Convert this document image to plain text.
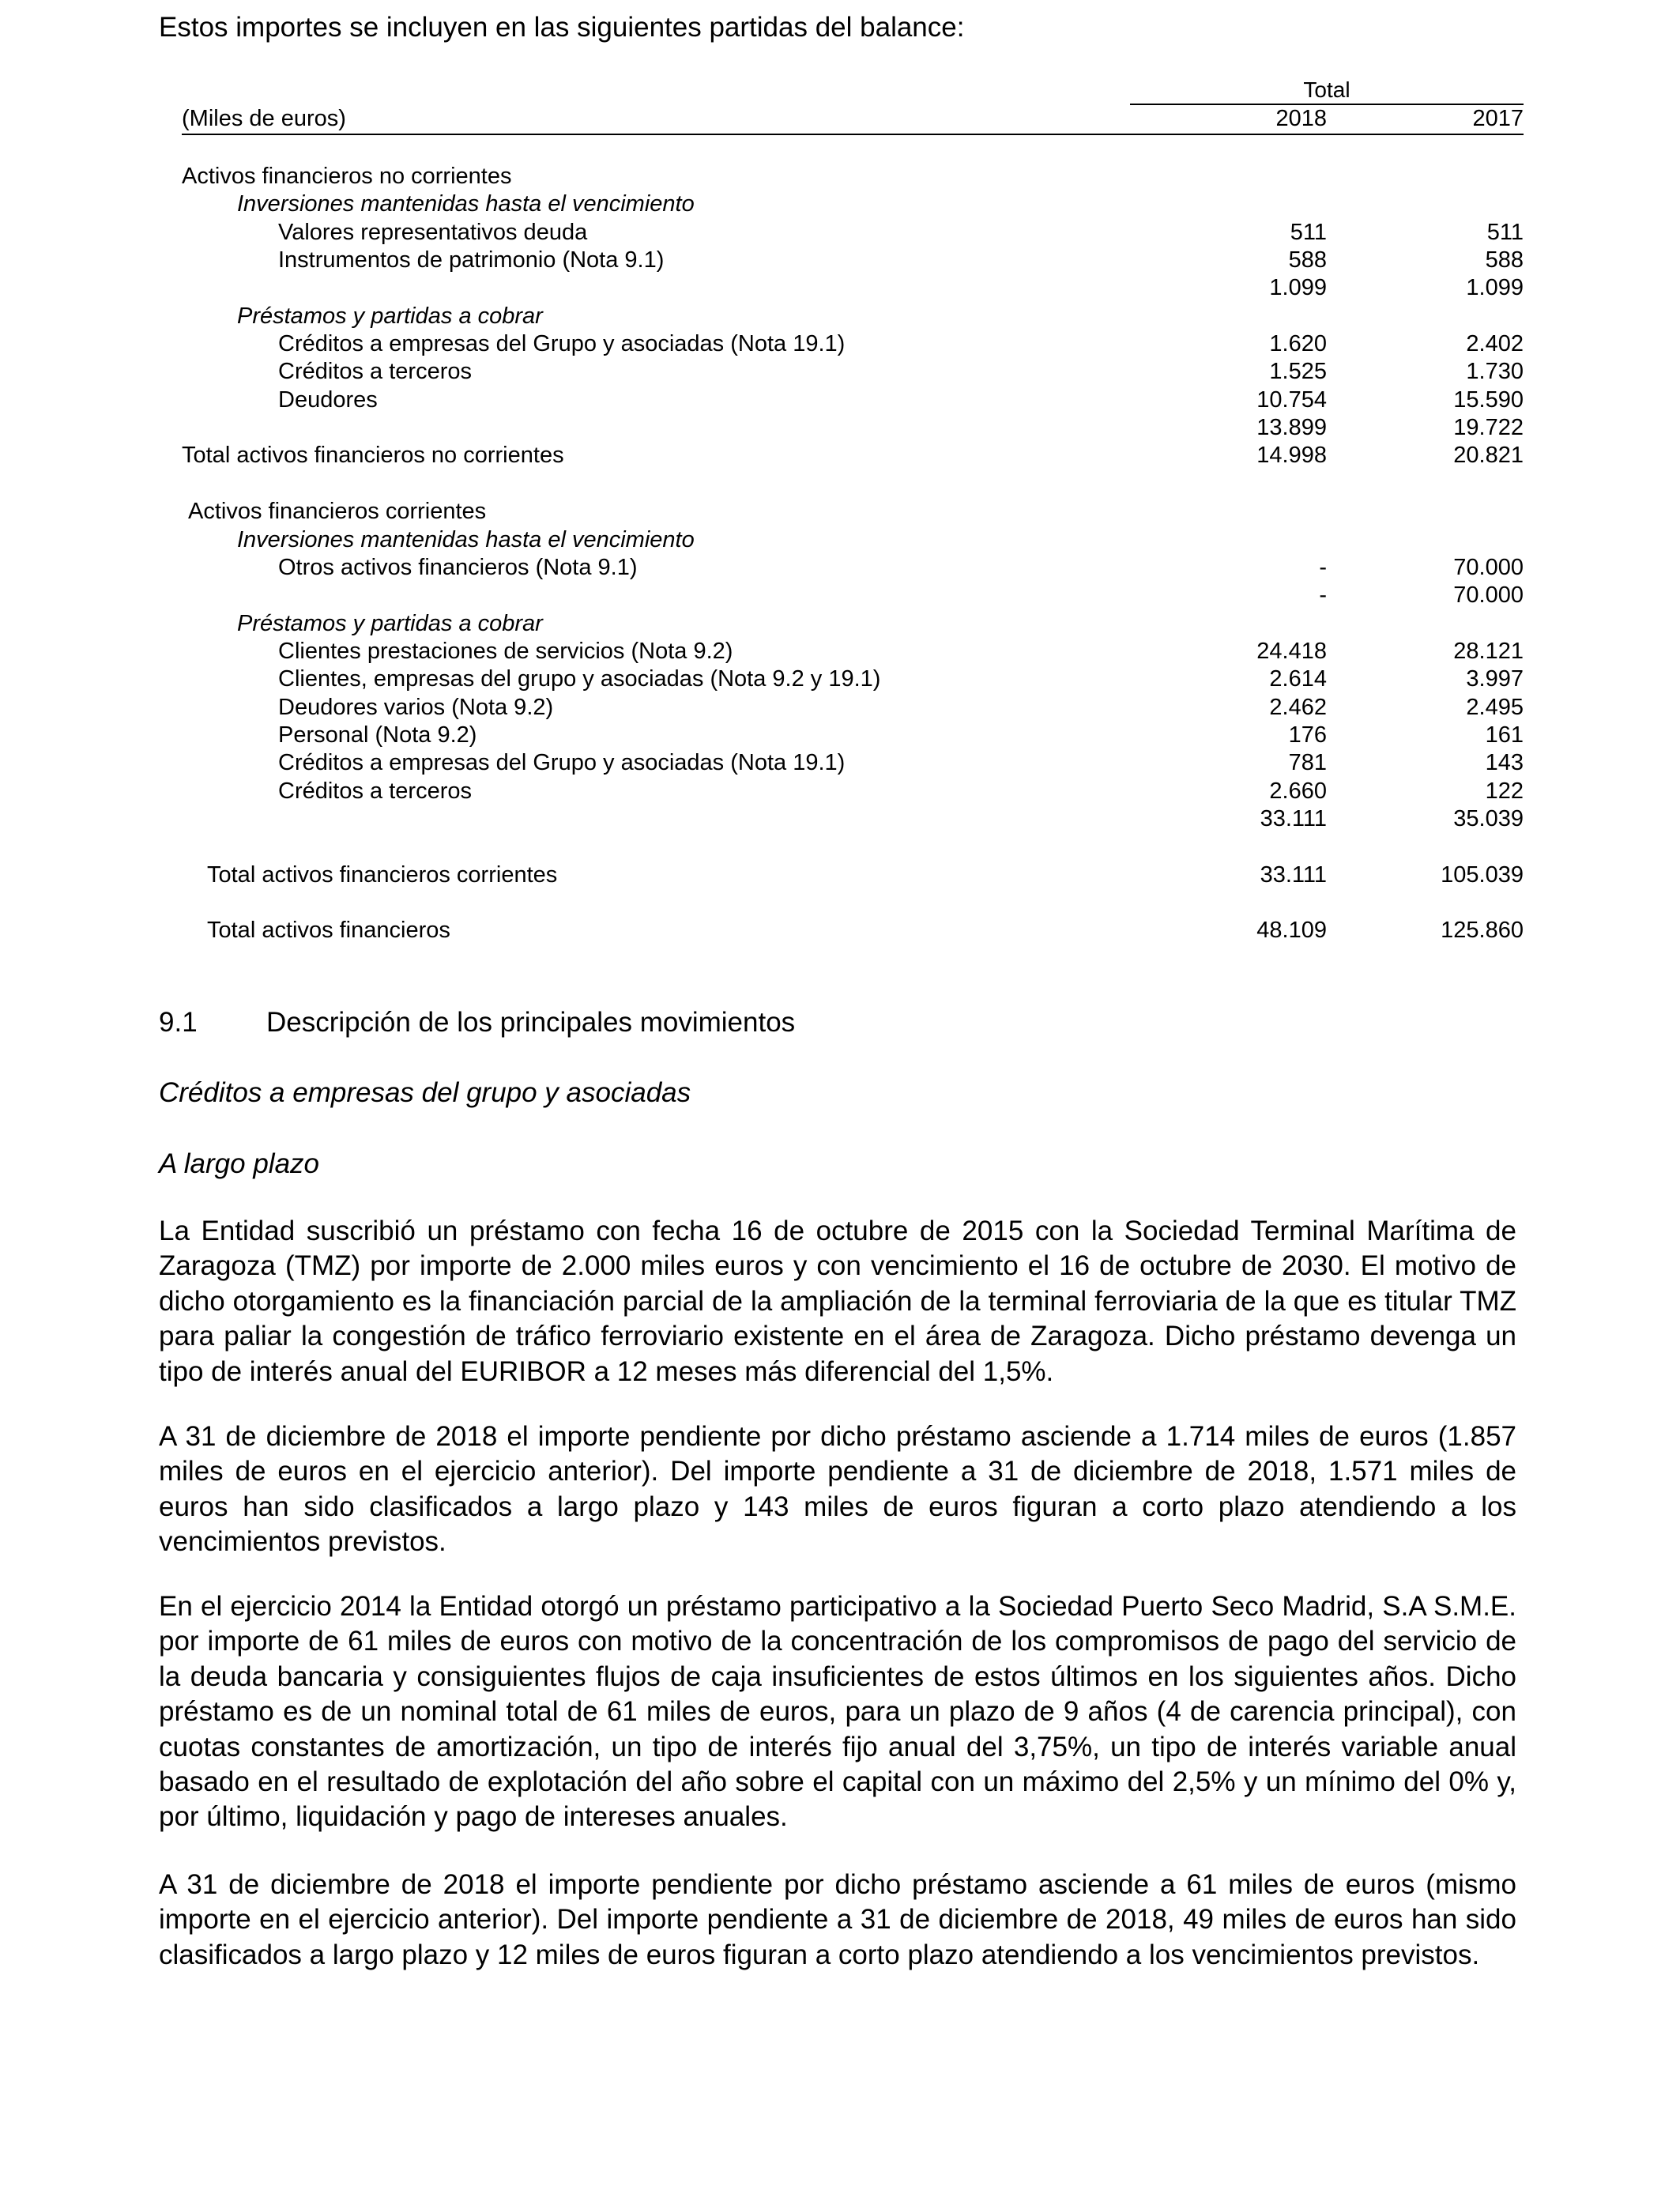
Estos importes se incluyen en las siguientes partidas del balance:

	Total	
(Miles de euros)	2018	2017

Activos financieros no corrientes		
Inversiones mantenidas hasta el vencimiento		
Valores representativos deuda	511	511
Instrumentos de patrimonio (Nota 9.1)	588	588
	1.099	1.099
Préstamos y partidas a cobrar		
Créditos a empresas del Grupo y asociadas (Nota 19.1)	1.620	2.402
Créditos a terceros	1.525	1.730
Deudores	10.754	15.590
	13.899	19.722
Total activos financieros no corrientes	14.998	20.821

Activos financieros corrientes		
Inversiones mantenidas hasta el vencimiento		
Otros activos financieros (Nota 9.1)	-	70.000
	-	70.000
Préstamos y partidas a cobrar		
Clientes prestaciones de servicios (Nota 9.2)	24.418	28.121
Clientes, empresas del grupo y asociadas (Nota 9.2 y 19.1)	2.614	3.997
Deudores varios (Nota 9.2)	2.462	2.495
Personal (Nota 9.2)	176	161
Créditos a empresas del Grupo y asociadas (Nota 19.1)	781	143
Créditos a terceros	2.660	122
	33.111	35.039

Total activos financieros corrientes	33.111	105.039

Total activos financieros	48.109	125.860

9.1 Descripción de los principales movimientos

Créditos a empresas del grupo y asociadas

A largo plazo

La Entidad suscribió un préstamo con fecha 16 de octubre de 2015 con la Sociedad Terminal Marítima de Zaragoza (TMZ) por importe de 2.000 miles euros y con vencimiento el 16 de octubre de 2030. El motivo de dicho otorgamiento es la financiación parcial de la ampliación de la terminal ferroviaria de la que es titular TMZ para paliar la congestión de tráfico ferroviario existente en el área de Zaragoza. Dicho préstamo devenga un tipo de interés anual del EURIBOR a 12 meses más diferencial del 1,5%.

A 31 de diciembre de 2018 el importe pendiente por dicho préstamo asciende a 1.714 miles de euros (1.857 miles de euros en el ejercicio anterior). Del importe pendiente a 31 de diciembre de 2018, 1.571 miles de euros han sido clasificados a largo plazo y 143 miles de euros figuran a corto plazo atendiendo a los vencimientos previstos.

En el ejercicio 2014 la Entidad otorgó un préstamo participativo a la Sociedad Puerto Seco Madrid, S.A S.M.E. por importe de 61 miles de euros con motivo de la concentración de los compromisos de pago del servicio de la deuda bancaria y consiguientes flujos de caja insuficientes de estos últimos en los siguientes años. Dicho préstamo es de un nominal total de 61 miles de euros, para un plazo de 9 años (4 de carencia principal), con cuotas constantes de amortización, un tipo de interés fijo anual del 3,75%, un tipo de interés variable anual basado en el resultado de explotación del año sobre el capital con un máximo del 2,5% y un mínimo del 0% y, por último, liquidación y pago de intereses anuales.

A 31 de diciembre de 2018 el importe pendiente por dicho préstamo asciende a 61 miles de euros (mismo importe en el ejercicio anterior). Del importe pendiente a 31 de diciembre de 2018, 49 miles de euros han sido clasificados a largo plazo y 12 miles de euros figuran a corto plazo atendiendo a los vencimientos previstos.
